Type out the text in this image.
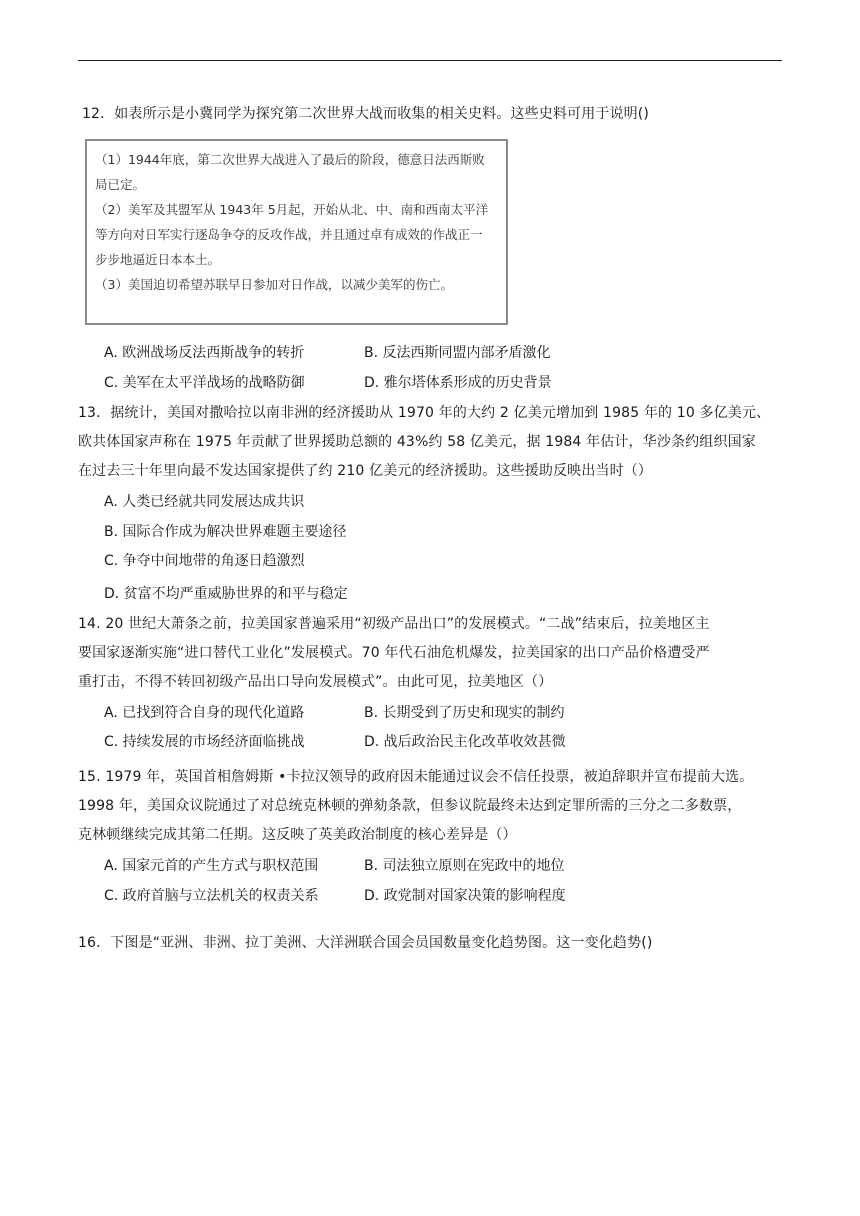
12．如表所示是小冀同学为探究第二次世界大战而收集的相关史料。这些史料可用于说明()
（1）1944年底，第二次世界大战进入了最后的阶段，德意日法西斯败
局已定。
（2）美军及其盟军从 1943年 5月起，开始从北、中、南和西南太平洋
等方向对日军实行逐岛争夺的反攻作战，并且通过卓有成效的作战正一
步步地逼近日本本土。
（3）美国迫切希望苏联早日参加对日作战，以减少美军的伤亡。
A. 欧洲战场反法西斯战争的转折	B. 反法西斯同盟内部矛盾激化
C. 美军在太平洋战场的战略防御	D. 雅尔塔体系形成的历史背景
13．据统计，美国对撒哈拉以南非洲的经济援助从 1970 年的大约 2 亿美元增加到 1985 年的 10 多亿美元、
欧共体国家声称在 1975 年贡献了世界援助总额的 43%约 58 亿美元，据 1984 年估计，华沙条约组织国家
在过去三十年里向最不发达国家提供了约 210 亿美元的经济援助。这些援助反映出当时（）
A. 人类已经就共同发展达成共识
B. 国际合作成为解决世界难题主要途径
C. 争夺中间地带的角逐日趋激烈
D. 贫富不均严重威胁世界的和平与稳定
14. 20 世纪大萧条之前，拉美国家普遍采用“初级产品出口”的发展模式。“二战”结束后，拉美地区主
要国家逐渐实施“进口替代工业化”发展模式。70 年代石油危机爆发，拉美国家的出口产品价格遭受严
重打击，不得不转回初级产品出口导向发展模式”。由此可见，拉美地区（）
A. 已找到符合自身的现代化道路	B. 长期受到了历史和现实的制约
C. 持续发展的市场经济面临挑战	D. 战后政治民主化改革收效甚微
15. 1979 年，英国首相詹姆斯 •卡拉汉领导的政府因未能通过议会不信任投票，被迫辞职并宣布提前大选。
1998 年，美国众议院通过了对总统克林顿的弹劾条款，但参议院最终未达到定罪所需的三分之二多数票，
克林顿继续完成其第二任期。这反映了英美政治制度的核心差异是（）
A. 国家元首的产生方式与职权范围	B. 司法独立原则在宪政中的地位
C. 政府首脑与立法机关的权责关系	D. 政党制对国家决策的影响程度
16．下图是“亚洲、非洲、拉丁美洲、大洋洲联合国会员国数量变化趋势图。这一变化趋势()
